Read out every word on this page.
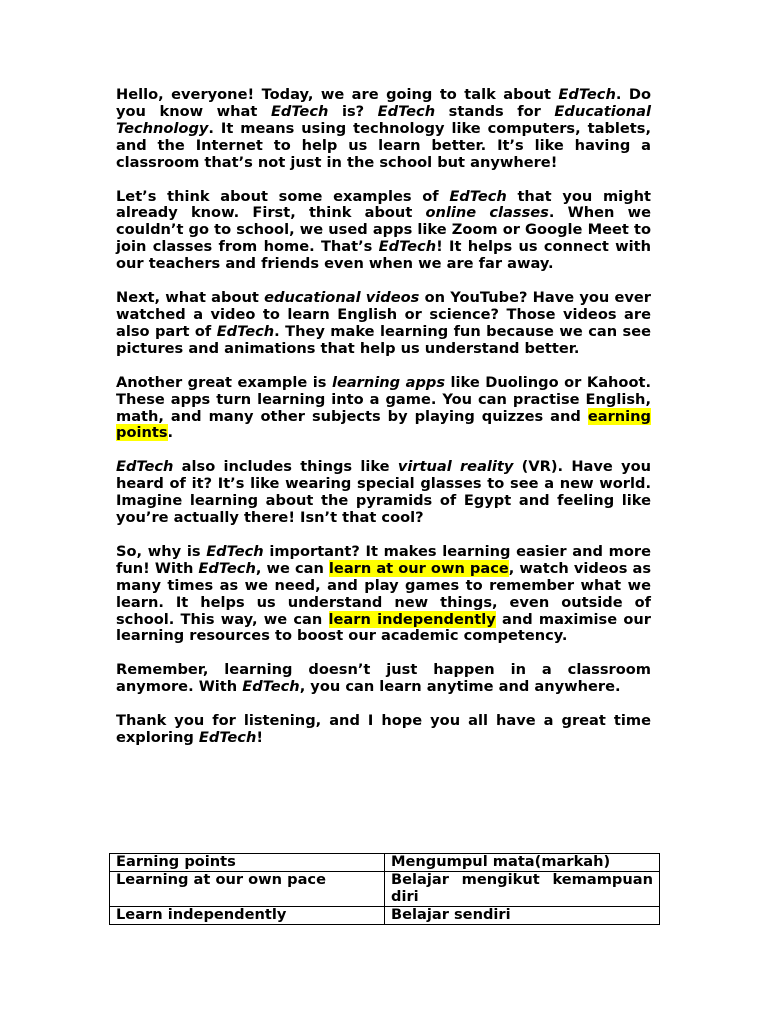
Hello, everyone! Today, we are going to talk about EdTech. Do you know what EdTech is? EdTech stands for Educational Technology. It means using technology like computers, tablets, and the Internet to help us learn better. It’s like having a classroom that’s not just in the school but anywhere!

Let’s think about some examples of EdTech that you might already know. First, think about online classes. When we couldn’t go to school, we used apps like Zoom or Google Meet to join classes from home. That’s EdTech! It helps us connect with our teachers and friends even when we are far away.

Next, what about educational videos on YouTube? Have you ever watched a video to learn English or science? Those videos are also part of EdTech. They make learning fun because we can see pictures and animations that help us understand better.

Another great example is learning apps like Duolingo or Kahoot. These apps turn learning into a game. You can practise English, math, and many other subjects by playing quizzes and earning points.

EdTech also includes things like virtual reality (VR). Have you heard of it? It’s like wearing special glasses to see a new world. Imagine learning about the pyramids of Egypt and feeling like you’re actually there! Isn’t that cool?

So, why is EdTech important? It makes learning easier and more fun! With EdTech, we can learn at our own pace, watch videos as many times as we need, and play games to remember what we learn. It helps us understand new things, even outside of school. This way, we can learn independently and maximise our learning resources to boost our academic competency.

Remember, learning doesn’t just happen in a classroom anymore. With EdTech, you can learn anytime and anywhere.

Thank you for listening, and I hope you all have a great time exploring EdTech!

Earning points	Mengumpul mata(markah)
Learning at our own pace	Belajar mengikut kemampuan diri
Learn independently	Belajar sendiri
